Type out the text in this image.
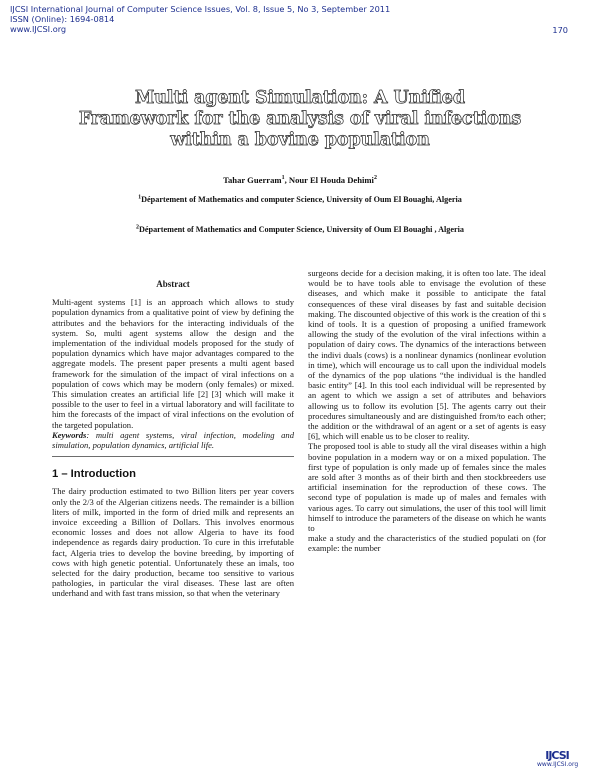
IJCSI International Journal of Computer Science Issues, Vol. 8, Issue 5, No 3, September 2011
ISSN (Online): 1694-0814
www.IJCSI.org	170
Multi agent Simulation: A Unified
Framework for the analysis of viral infections
within a bovine population
Tahar Guerram$^1$, Nour El Houda Dehimi$^2$
$^1$Département of Mathematics and computer Science, University of Oum El Bouaghi, Algeria
$^2$Département of Mathematics and Computer Science, University of Oum El Bouaghi , Algeria
Abstract

Multi-agent systems [1] is an approach which allows to study population dynamics from a qualitative point of view by defining the attributes and the behaviors for the interacting individuals of the system. So, multi agent systems allow the design and the implementation of the individual models proposed for the study of population dynamics which have major advantages compared to the aggregate models. The present paper presents a multi agent based framework for the simulation of the impact of viral infections on a population of cows which may be modern (only females) or mixed. This simulation creates an artificial life [2] [3] which will make it possible to the user to feel in a virtual laboratory and will facilitate to him the forecasts of the impact of viral infections on the evolution of the targeted population.

Keywords: multi agent systems, viral infection, modeling and simulation, population dynamics, artificial life.

1 – Introduction

The dairy production estimated to two Billion liters per year covers only the 2/3 of the Algerian citizens needs. The remainder is a billion liters of milk, imported in the form of dried milk and represents an invoice exceeding a Billion of Dollars. This involves enormous economic losses and does not allow Algeria to have its food independence as regards dairy production. To cure in this irrefutable fact, Algeria tries to develop the bovine breeding, by importing of cows with high genetic potential. Unfortunately these an imals, too selected for the dairy production, became too sensitive to various pathologies, in particular the viral diseases. These last are often underhand and with fast trans mission, so that when the veterinary

surgeons decide for a decision making, it is often too late. The ideal would be to have tools able to envisage the evolution of these diseases, and which make it possible to anticipate the fatal consequences of these viral diseases by fast and suitable decision making. The discounted objective of this work is the creation of thi s kind of tools. It is a question of proposing a unified framework allowing the study of the evolution of the viral infections within a population of dairy cows. The dynamics of the interactions between the indivi duals (cows) is a nonlinear dynamics (nonlinear evolution in time), which will encourage us to call upon the individual models of the dynamics of the pop ulations “the individual is the handled basic entity” [4]. In this tool each individual will be represented by an agent to which we assign a set of attributes and behaviors allowing us to follow its evolution [5]. The agents carry out their procedures simultaneously and are distinguished from/to each other; the addition or the withdrawal of an agent or a set of agents is easy [6], which will enable us to be closer to reality.

The proposed tool is able to study all the viral diseases within a high bovine population in a modern way or on a mixed population. The first type of population is only made up of females since the males are sold after 3 months as of their birth and then stockbreeders use artificial insemination for the reproduction of these cows. The second type of population is made up of males and females with various ages. To carry out simulations, the user of this tool will limit himself to introduce the parameters of the disease on which he wants to

make a study and the characteristics of the studied populati on (for example: the number

IJCSI
www.IJCSI.org
